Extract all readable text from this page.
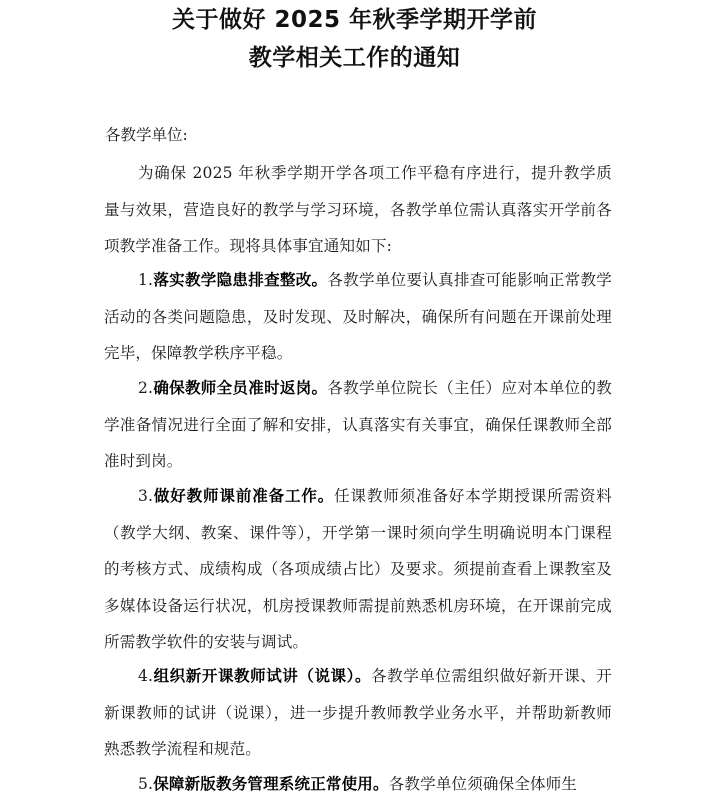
关于做好 2025 年秋季学期开学前
教学相关工作的通知
各教学单位:

为确保 2025 年秋季学期开学各项工作平稳有序进行，提升教学质量与效果，营造良好的教学与学习环境，各教学单位需认真落实开学前各项教学准备工作。现将具体事宜通知如下:

1.落实教学隐患排查整改。各教学单位要认真排查可能影响正常教学活动的各类问题隐患，及时发现、及时解决，确保所有问题在开课前处理完毕，保障教学秩序平稳。

2.确保教师全员准时返岗。各教学单位院长（主任）应对本单位的教学准备情况进行全面了解和安排，认真落实有关事宜，确保任课教师全部准时到岗。

3.做好教师课前准备工作。任课教师须准备好本学期授课所需资料（教学大纲、教案、课件等），开学第一课时须向学生明确说明本门课程的考核方式、成绩构成（各项成绩占比）及要求。须提前查看上课教室及多媒体设备运行状况，机房授课教师需提前熟悉机房环境，在开课前完成所需教学软件的安装与调试。

4.组织新开课教师试讲（说课）。各教学单位需组织做好新开课、开新课教师的试讲（说课），进一步提升教师教学业务水平，并帮助新教师熟悉教学流程和规范。

5.保障新版教务管理系统正常使用。各教学单位须确保全体师生
